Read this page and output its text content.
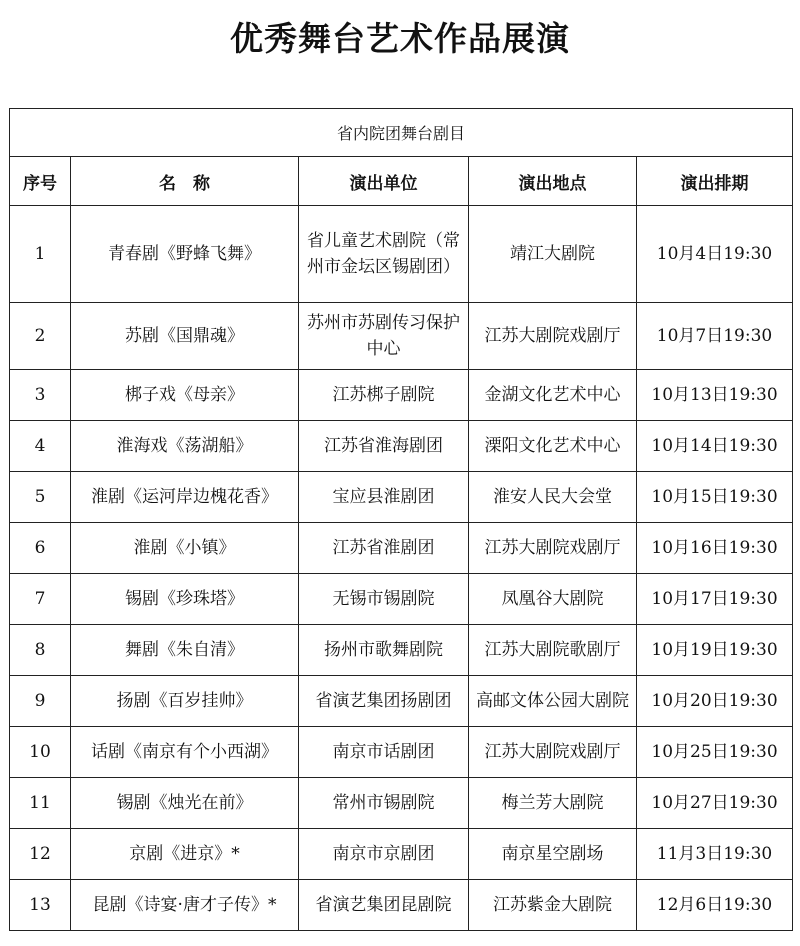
优秀舞台艺术作品展演
省内院团舞台剧目				
序号	名　称	演出单位	演出地点	演出排期
1	青春剧《野蜂飞舞》	省儿童艺术剧院（常州市金坛区锡剧团）	靖江大剧院	10月4日19:30
2	苏剧《国鼎魂》	苏州市苏剧传习保护中心	江苏大剧院戏剧厅	10月7日19:30
3	梆子戏《母亲》	江苏梆子剧院	金湖文化艺术中心	10月13日19:30
4	淮海戏《荡湖船》	江苏省淮海剧团	溧阳文化艺术中心	10月14日19:30
5	淮剧《运河岸边槐花香》	宝应县淮剧团	淮安人民大会堂	10月15日19:30
6	淮剧《小镇》	江苏省淮剧团	江苏大剧院戏剧厅	10月16日19:30
7	锡剧《珍珠塔》	无锡市锡剧院	凤凰谷大剧院	10月17日19:30
8	舞剧《朱自清》	扬州市歌舞剧院	江苏大剧院歌剧厅	10月19日19:30
9	扬剧《百岁挂帅》	省演艺集团扬剧团	高邮文体公园大剧院	10月20日19:30
10	话剧《南京有个小西湖》	南京市话剧团	江苏大剧院戏剧厅	10月25日19:30
11	锡剧《烛光在前》	常州市锡剧院	梅兰芳大剧院	10月27日19:30
12	京剧《进京》*	南京市京剧团	南京星空剧场	11月3日19:30
13	昆剧《诗宴·唐才子传》*	省演艺集团昆剧院	江苏紫金大剧院	12月6日19:30
